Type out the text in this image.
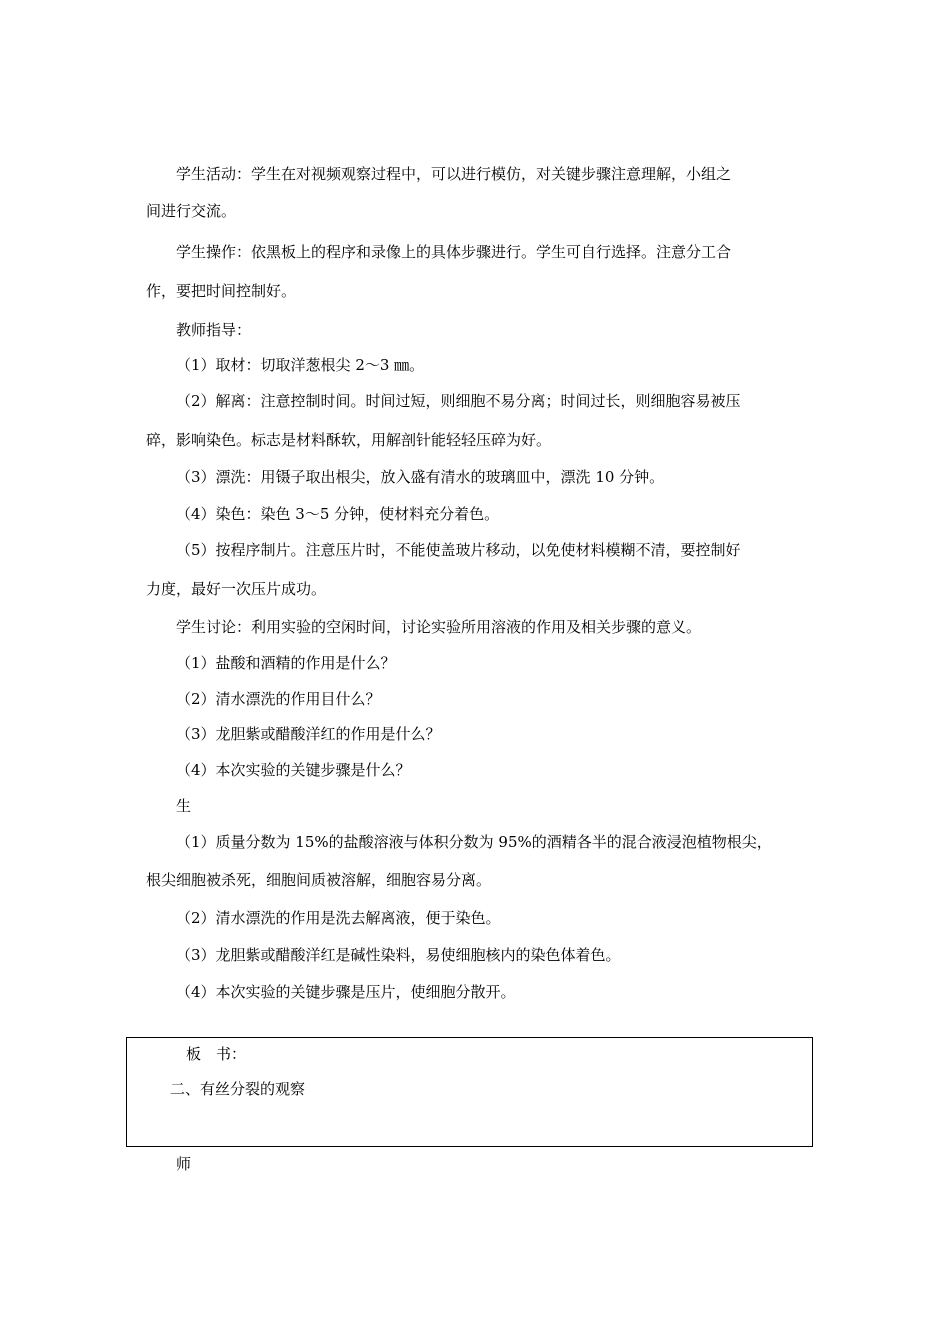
学生活动：学生在对视频观察过程中，可以进行模仿，对关键步骤注意理解，小组之
间进行交流。
学生操作：依黑板上的程序和录像上的具体步骤进行。学生可自行选择。注意分工合
作，要把时间控制好。
教师指导：
（1）取材：切取洋葱根尖 2～3 ㎜。
（2）解离：注意控制时间。时间过短，则细胞不易分离；时间过长，则细胞容易被压
碎，影响染色。标志是材料酥软，用解剖针能轻轻压碎为好。
（3）漂洗：用镊子取出根尖，放入盛有清水的玻璃皿中，漂洗 10 分钟。
（4）染色：染色 3～5 分钟，使材料充分着色。
（5）按程序制片。注意压片时，不能使盖玻片移动，以免使材料模糊不清，要控制好
力度，最好一次压片成功。
学生讨论：利用实验的空闲时间，讨论实验所用溶液的作用及相关步骤的意义。
（1）盐酸和酒精的作用是什么？
（2）清水漂洗的作用目什么？
（3）龙胆紫或醋酸洋红的作用是什么？
（4）本次实验的关键步骤是什么？
生
（1）质量分数为 15%的盐酸溶液与体积分数为 95%的酒精各半的混合液浸泡植物根尖，
根尖细胞被杀死，细胞间质被溶解，细胞容易分离。
（2）清水漂洗的作用是洗去解离液，便于染色。
（3）龙胆紫或醋酸洋红是碱性染料，易使细胞核内的染色体着色。
（4）本次实验的关键步骤是压片，使细胞分散开。
板　书：
二、有丝分裂的观察
师
